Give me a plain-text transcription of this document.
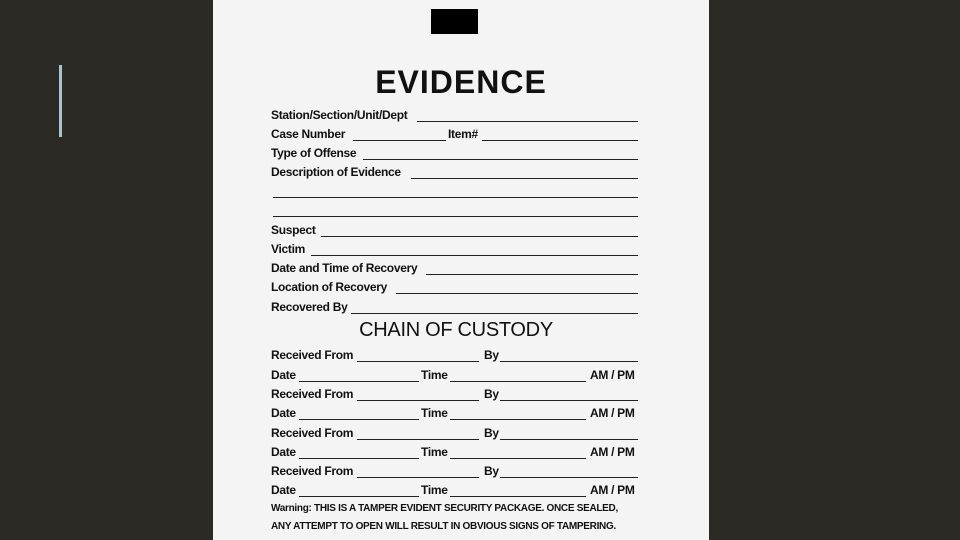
EVIDENCE
Station/Section/Unit/Dept
Case Number	Item#
Type of Offense
Description of Evidence
Suspect
Victim
Date and Time of Recovery
Location of Recovery
Recovered By
CHAIN OF CUSTODY
Received From	By
Date	Time	AM / PM
Received From	By
Date	Time	AM / PM
Received From	By
Date	Time	AM / PM
Received From	By
Date	Time	AM / PM
Warning: THIS IS A TAMPER EVIDENT SECURITY PACKAGE. ONCE SEALED,
ANY ATTEMPT TO OPEN WILL RESULT IN OBVIOUS SIGNS OF TAMPERING.
